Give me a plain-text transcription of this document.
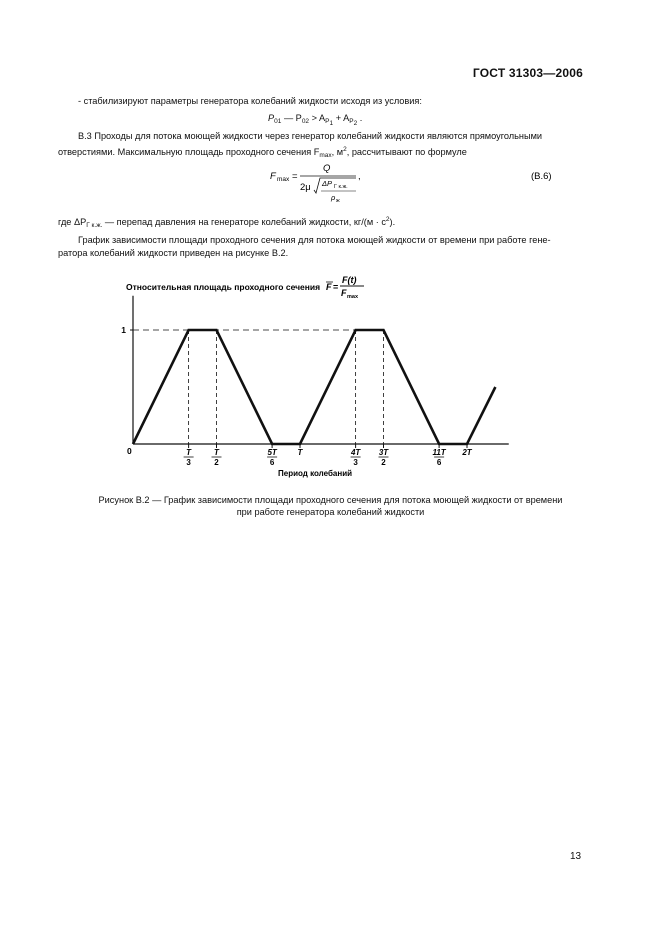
ГОСТ 31303—2006
- стабилизируют параметры генератора колебаний жидкости исходя из условия:
$P_{01}$ — $P_{02} > A_{P_1} + A_{P_2}$ .
В.3 Проходы для потока моющей жидкости через генератор колебаний жидкости являются прямоугольными
отверстиями. Максимальную площадь проходного сечения $F_{max}$, $м^2$, рассчитывают по формуле
F max =
Q
2μ ΔP Г к.ж.
ρ ж
,	(В.6)
где $\Delta P_{Г к.ж.}$ — перепад давления на генераторе колебаний жидкости, $кг/(м \cdot с^2)$.
График зависимости площади проходного сечения для потока моющей жидкости от времени при работе гене-
ратора колебаний жидкости приведен на рисунке В.2.
Относительная площадь проходного сечения F =
F(t)
F max
0	T
3
T
2
5T
6
T	4T
3
3T
2
11T
6
2T
1
Период колебаний
Рисунок В.2 — График зависимости площади проходного сечения для потока моющей жидкости от времени
при работе генератора колебаний жидкости
13
